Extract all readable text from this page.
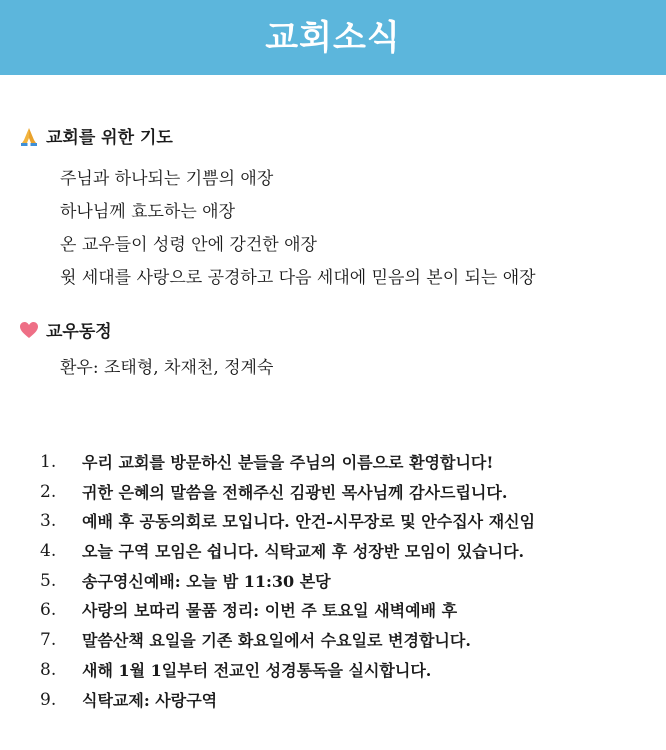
교회소식
교회를 위한 기도
주님과 하나되는 기쁨의 애장
하나님께 효도하는 애장
온 교우들이 성령 안에 강건한 애장
윗 세대를 사랑으로 공경하고 다음 세대에 믿음의 본이 되는 애장
교우동정
환우: 조태형, 차재천, 정계숙
1.	우리 교회를 방문하신 분들을 주님의 이름으로 환영합니다!
2.	귀한 은혜의 말씀을 전해주신 김광빈 목사님께 감사드립니다.
3.	예배 후 공동의회로 모입니다. 안건-시무장로 및 안수집사 재신임
4.	오늘 구역 모임은 쉽니다. 식탁교제 후 성장반 모임이 있습니다.
5.	송구영신예배: 오늘 밤 11:30 본당
6.	사랑의 보따리 물품 정리: 이번 주 토요일 새벽예배 후
7.	말씀산책 요일을 기존 화요일에서 수요일로 변경합니다.
8.	새해 1월 1일부터 전교인 성경통독을 실시합니다.
9.	식탁교제: 사랑구역
